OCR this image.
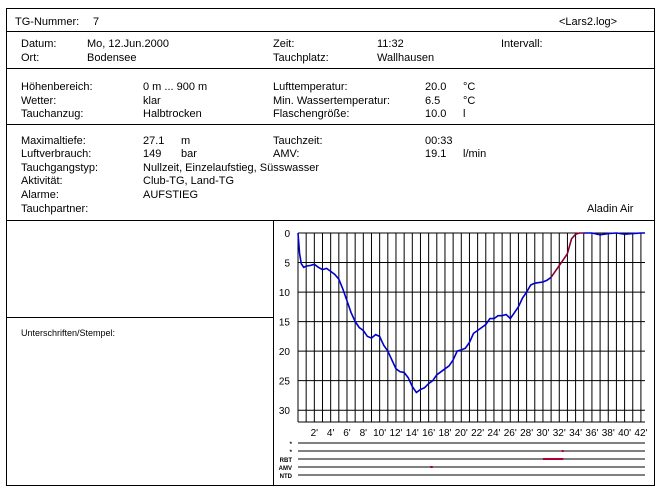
TG-Nummer: 7	<Lars2.log>
Datum:	Mo, 12.Jun.2000	Zeit:	11:32	Intervall:
Ort:	Bodensee	Tauchplatz:	Wallhausen
Höhenbereich:	0 m ... 900 m	Lufttemperatur:	20.0 °C
Wetter:	klar	Min. Wassertemperatur:	6.5 °C
Tauchanzug:	Halbtrocken	Flaschengröße:	10.0 l
Maximaltiefe:	27.1 m	Tauchzeit:	00:33
Luftverbrauch:	149 bar	AMV:	19.1 l/min
Tauchgangstyp:	Nullzeit, Einzelaufstieg, Süsswasser
Aktivität:	Club-TG, Land-TG
Alarme:	AUFSTIEG
Tauchpartner:	Aladin Air
Unterschriften/Stempel:
0
5
10
15
20
25
30
2' 4' 6' 8' 10' 12' 14' 16' 18' 20' 22' 24' 26' 28' 30' 32' 34' 36' 38' 40' 42'
*
*
RBT
AMV
NTD
